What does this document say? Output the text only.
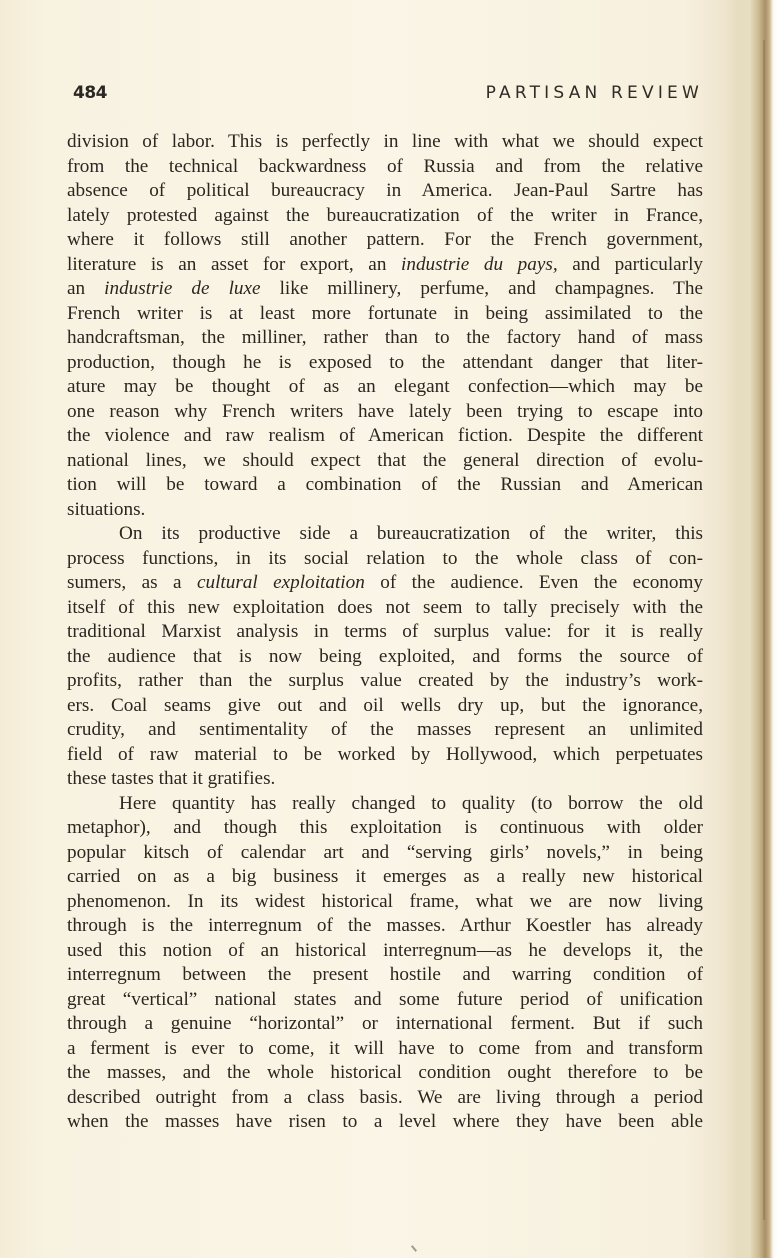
484	PARTISAN REVIEW
division of labor. This is perfectly in line with what we should expect
from the technical backwardness of Russia and from the relative
absence of political bureaucracy in America. Jean-Paul Sartre has
lately protested against the bureaucratization of the writer in France,
where it follows still another pattern. For the French government,
literature is an asset for export, an industrie du pays, and particularly
an industrie de luxe like millinery, perfume, and champagnes. The
French writer is at least more fortunate in being assimilated to the
handcraftsman, the milliner, rather than to the factory hand of mass
production, though he is exposed to the attendant danger that liter-
ature may be thought of as an elegant confection—which may be
one reason why French writers have lately been trying to escape into
the violence and raw realism of American fiction. Despite the different
national lines, we should expect that the general direction of evolu-
tion will be toward a combination of the Russian and American
situations.
On its productive side a bureaucratization of the writer, this
process functions, in its social relation to the whole class of con-
sumers, as a cultural exploitation of the audience. Even the economy
itself of this new exploitation does not seem to tally precisely with the
traditional Marxist analysis in terms of surplus value: for it is really
the audience that is now being exploited, and forms the source of
profits, rather than the surplus value created by the industry’s work-
ers. Coal seams give out and oil wells dry up, but the ignorance,
crudity, and sentimentality of the masses represent an unlimited
field of raw material to be worked by Hollywood, which perpetuates
these tastes that it gratifies.
Here quantity has really changed to quality (to borrow the old
metaphor), and though this exploitation is continuous with older
popular kitsch of calendar art and “serving girls’ novels,” in being
carried on as a big business it emerges as a really new historical
phenomenon. In its widest historical frame, what we are now living
through is the interregnum of the masses. Arthur Koestler has already
used this notion of an historical interregnum—as he develops it, the
interregnum between the present hostile and warring condition of
great “vertical” national states and some future period of unification
through a genuine “horizontal” or international ferment. But if such
a ferment is ever to come, it will have to come from and transform
the masses, and the whole historical condition ought therefore to be
described outright from a class basis. We are living through a period
when the masses have risen to a level where they have been able
